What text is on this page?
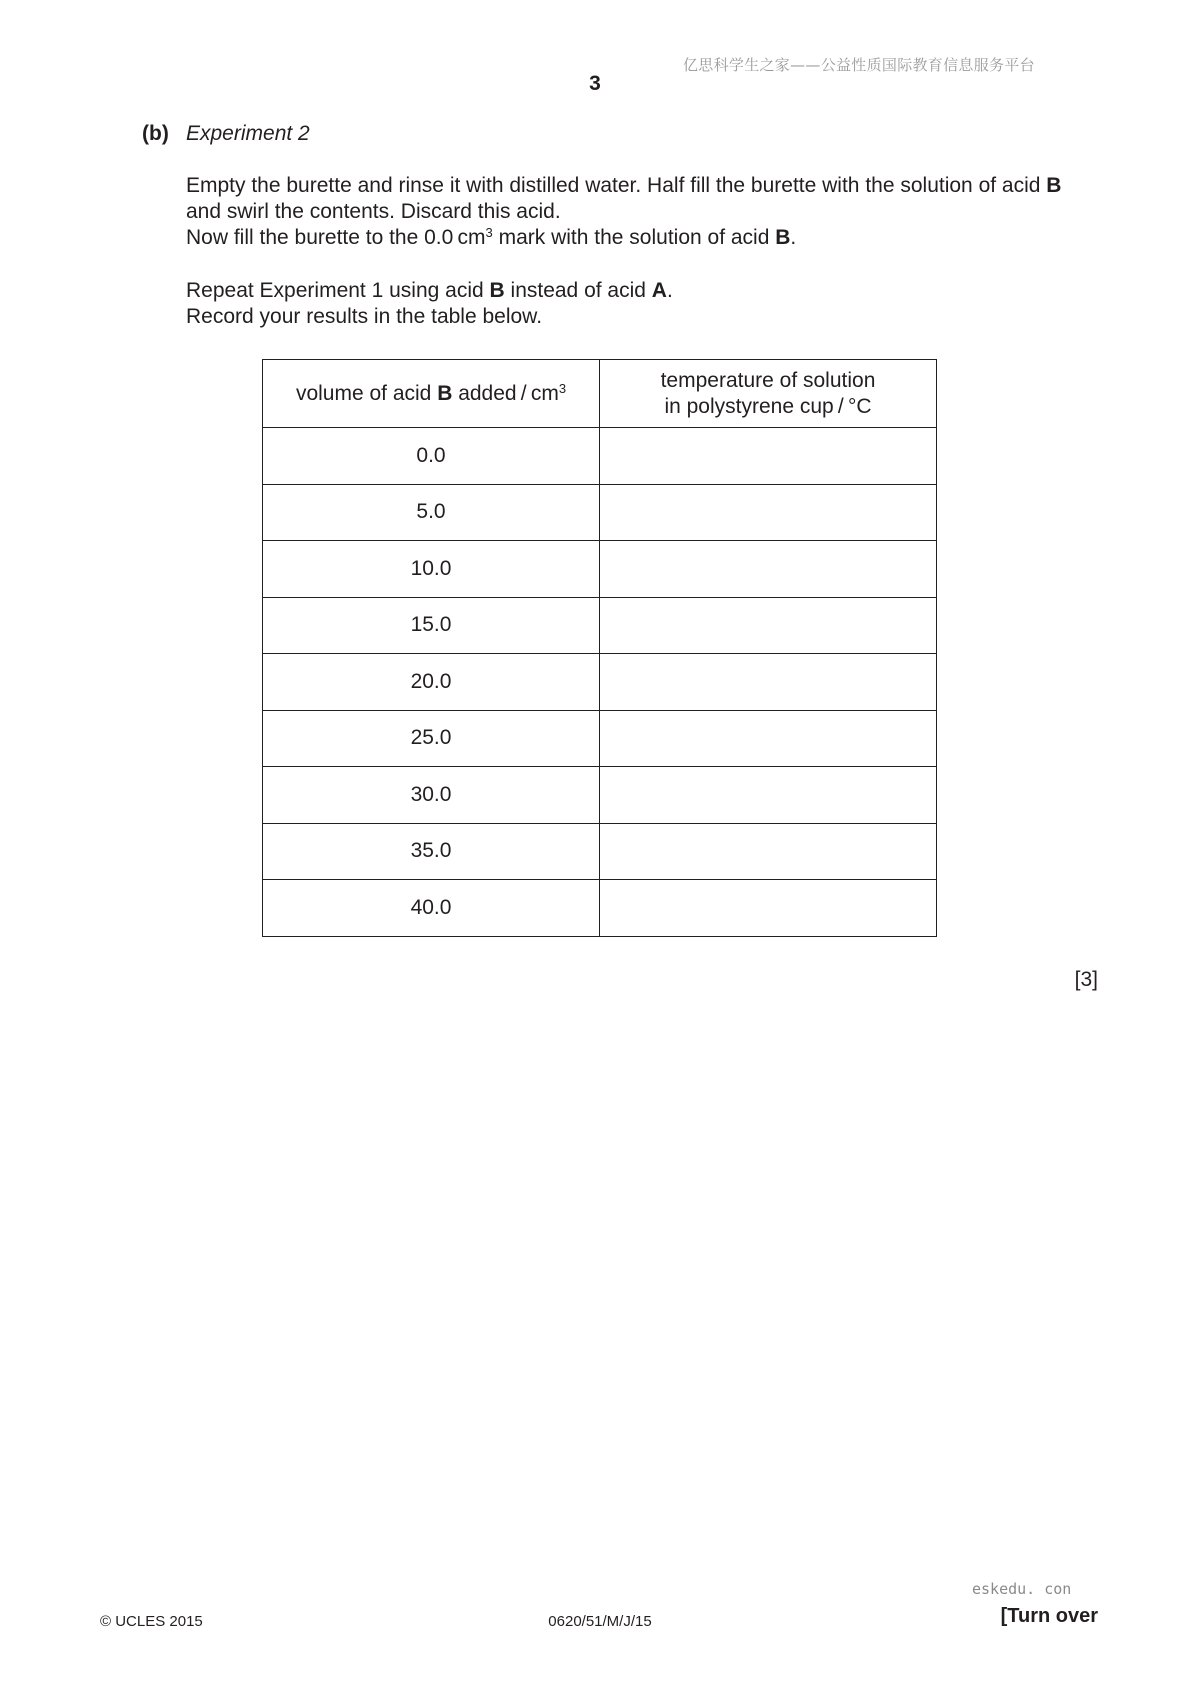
亿思科学生之家——公益性质国际教育信息服务平台
3
(b) Experiment 2
Empty the burette and rinse it with distilled water. Half fill the burette with the solution of acid B
and swirl the contents. Discard this acid.
Now fill the burette to the 0.0 $cm^3$ mark with the solution of acid B.
Repeat Experiment 1 using acid B instead of acid A.
Record your results in the table below.
volume of acid B added / $cm^3$	temperature of solution
in polystyrene cup / °C

0.0	
5.0	
10.0	
15.0	
20.0	
25.0	
30.0	
35.0	
40.0	
[3]
eskedu. con
© UCLES 2015	0620/51/M/J/15	[Turn over
